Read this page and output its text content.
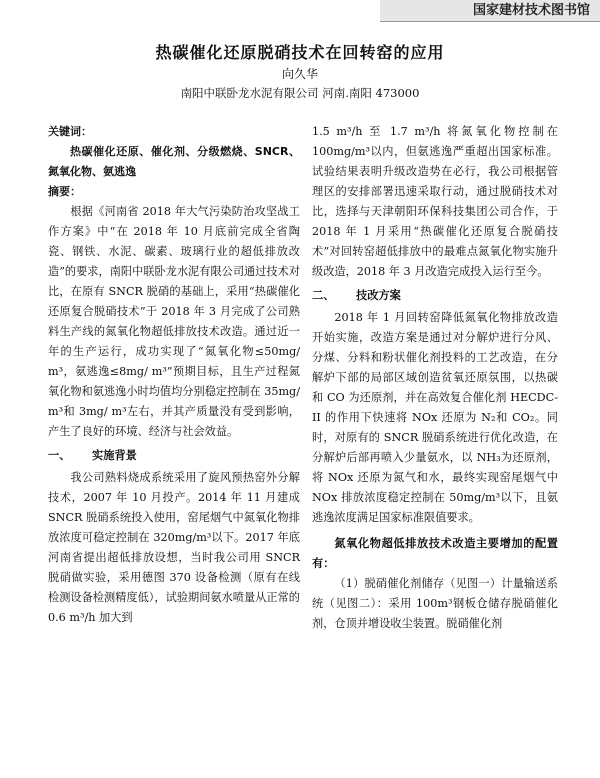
国家建材技术图书馆
热碳催化还原脱硝技术在回转窑的应用
向久华
南阳中联卧龙水泥有限公司 河南.南阳 473000

关键词：

热碳催化还原、催化剂、分级燃烧、SNCR、氮氧化物、氨逃逸

摘要：

根据《河南省 2018 年大气污染防治攻坚战工作方案》中“在 2018 年 10 月底前完成全省陶瓷、钢铁、水泥、碳素、玻璃行业的超低排放改造”的要求，南阳中联卧龙水泥有限公司通过技术对比，在原有 SNCR 脱硝的基础上，采用“热碳催化还原复合脱硝技术”于 2018 年 3 月完成了公司熟料生产线的氮氧化物超低排放技术改造。通过近一年的生产运行，成功实现了“氮氧化物≤50mg/ m³，氨逃逸≤8mg/ m³”预期目标，且生产过程氮氧化物和氨逃逸小时均值均分别稳定控制在 35mg/ m³和 3mg/ m³左右，并其产质量没有受到影响，产生了良好的环境、经济与社会效益。

一、 实施背景

我公司熟料烧成系统采用了旋风预热窑外分解技术，2007 年 10 月投产。2014 年 11 月建成 SNCR 脱硝系统投入使用，窑尾烟气中氮氧化物排放浓度可稳定控制在 320mg/m³以下。2017 年底河南省提出超低排放设想，当时我公司用 SNCR 脱硝做实验，采用德图 370 设备检测（原有在线检测设备检测精度低），试验期间氨水喷量从正常的 0.6 m³/h 加大到

1.5 m³/h 至 1.7 m³/h 将氮氧化物控制在 100mg/m³以内，但氨逃逸严重超出国家标准。试验结果表明升级改造势在必行，我公司根据管理区的安排部署迅速采取行动，通过脱硝技术对比，选择与天津朝阳环保科技集团公司合作，于 2018 年 1 月采用“热碳催化还原复合脱硝技术”对回转窑超低排放中的最难点氮氧化物实施升级改造，2018 年 3 月改造完成投入运行至今。

二、 技改方案

2018 年 1 月回转窑降低氮氧化物排放改造开始实施，改造方案是通过对分解炉进行分风、分煤、分料和粉状催化剂投料的工艺改造，在分解炉下部的局部区域创造贫氧还原氛围，以热碳和 CO 为还原剂，并在高效复合催化剂 HECDC-II 的作用下快速将 NOx 还原为 N₂和 CO₂。同时，对原有的 SNCR 脱硝系统进行优化改造，在分解炉后部再喷入少量氨水，以 NH₃为还原剂，将 NOx 还原为氮气和水，最终实现窑尾烟气中 NOx 排放浓度稳定控制在 50mg/m³以下，且氨逃逸浓度满足国家标准限值要求。

氮氧化物超低排放技术改造主要增加的配置有：

（1）脱硝催化剂储存（见图一）计量输送系统（见图二）：采用 100m³钢板仓储存脱硝催化剂，仓顶并增设收尘装置。脱硝催化剂
